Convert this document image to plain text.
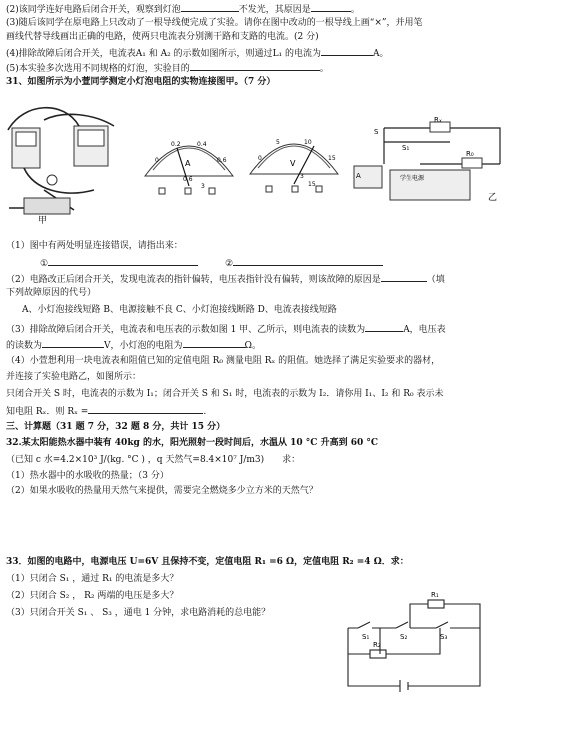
(2)该同学连好电路后闭合开关，观察到灯泡	不发光，其原因是	。
(3)随后该同学在原电路上只改动了一根导线便完成了实验。请你在图中改动的一根导线上画“×”，并用笔
画线代替导线画出正确的电路，使两只电流表分别测干路和支路的电流。(2 分)
(4)排除故障后闭合开关，电流表A₁ 和 A₂ 的示数如图所示，则通过L₁ 的电流为	A。
(5)本实验多次选用不同规格的灯泡，实验目的	。
31、如图所示为小萱同学测定小灯泡电阻的实物连接图甲。（7 分）
甲
0
0.2	0.4
0.6
A
0.6
3
0
5	10
15
V
3
15
S
S₁
Rₓ
R₀
学生电源
A
乙
（1）图中有两处明显连接错误，请指出来：
①	②
（2）电路改正后闭合开关，发现电流表的指针偏转，电压表指针没有偏转，则该故障的原因是	（填
下列故障原因的代号）
A、小灯泡接线短路 B、电源接触不良 C、小灯泡接线断路 D、电流表接线短路
（3）排除故障后闭合开关，电流表和电压表的示数如图 1 甲、乙所示，则电流表的读数为	A，电压表
的读数为	V，小灯泡的电阻为	Ω。
（4）小萱想利用一块电流表和阻值已知的定值电阻 R₀ 测量电阻 Rₓ 的阻值。她选择了满足实验要求的器材，
并连接了实验电路乙，如图所示：
只闭合开关 S 时，电流表的示数为 I₁；闭合开关 S 和 S₁ 时，电流表的示数为 I₂．请你用 I₁、I₂ 和 R₀ 表示未
知电阻 Rₓ．则 Rₓ =	.
三、计算题（31 题 7 分，32 题 8 分，共计 15 分）
32.某太阳能热水器中装有 40kg 的水，阳光照射一段时间后，水温从 10 °C 升高到 60 °C
（已知 c 水=4.2×10³ J/(kg. °C ) ，q 天然气=8.4×10⁷ J/m3)　　求：
（1）热水器中的水吸收的热量；（3 分）
（2）如果水吸收的热量用天然气来提供，需要完全燃烧多少立方米的天然气？
33．如图的电路中，电源电压 U=6V 且保持不变，定值电阻 R₁ =6 Ω，定值电阻 R₂ =4 Ω．求：
（1）只闭合 S₁ ，通过 R₁ 的电流是多大？
（2）只闭合 S₂ ， R₂ 两端的电压是多大？
（3）只闭合开关 S₁ 、 S₃ ，通电 1 分钟，求电路消耗的总电能？
R₁
R₂
S₁	S₂	S₃
